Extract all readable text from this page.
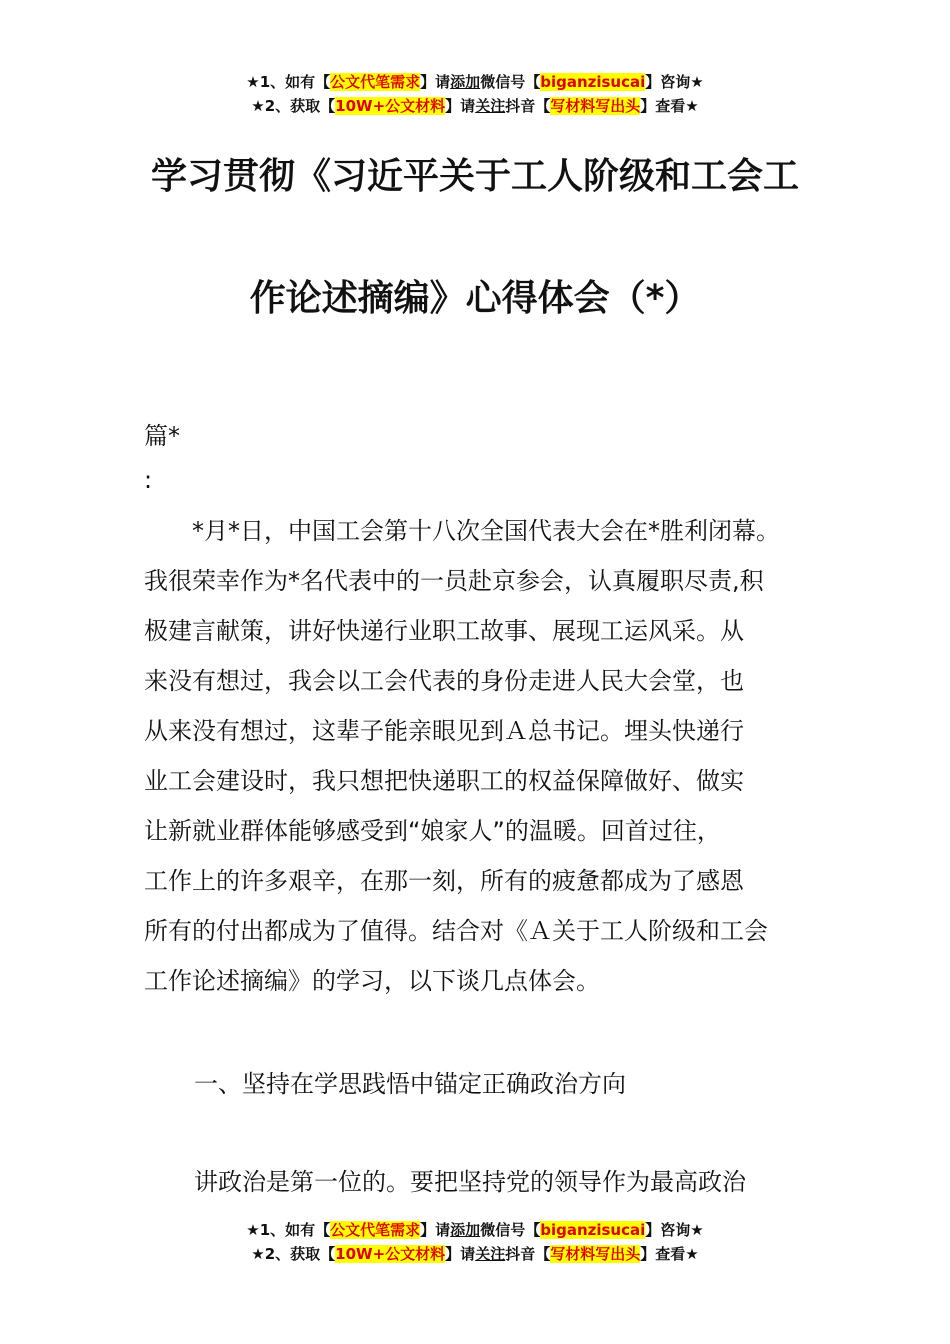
★1、如有【公文代笔需求】请添加微信号【biganzisucai】咨询★
★2、获取【10W+公文材料】请关注抖音【写材料写出头】查看★
学习贯彻《习近平关于工人阶级和工会工
作论述摘编》心得体会（*）
篇*
:
　　*月*日，中国工会第十八次全国代表大会在*胜利闭幕。
我很荣幸作为*名代表中的一员赴京参会，认真履职尽责,积
极建言献策，讲好快递行业职工故事、展现工运风采。从
来没有想过，我会以工会代表的身份走进人民大会堂，也
从来没有想过，这辈子能亲眼见到Ａ总书记。埋头快递行
业工会建设时，我只想把快递职工的权益保障做好、做实
让新就业群体能够感受到“娘家人”的温暖。回首过往，
工作上的许多艰辛，在那一刻，所有的疲惫都成为了感恩
所有的付出都成为了值得。结合对《Ａ关于工人阶级和工会
工作论述摘编》的学习，以下谈几点体会。
一、坚持在学思践悟中锚定正确政治方向
讲政治是第一位的。要把坚持党的领导作为最高政治
★1、如有【公文代笔需求】请添加微信号【biganzisucai】咨询★
★2、获取【10W+公文材料】请关注抖音【写材料写出头】查看★
